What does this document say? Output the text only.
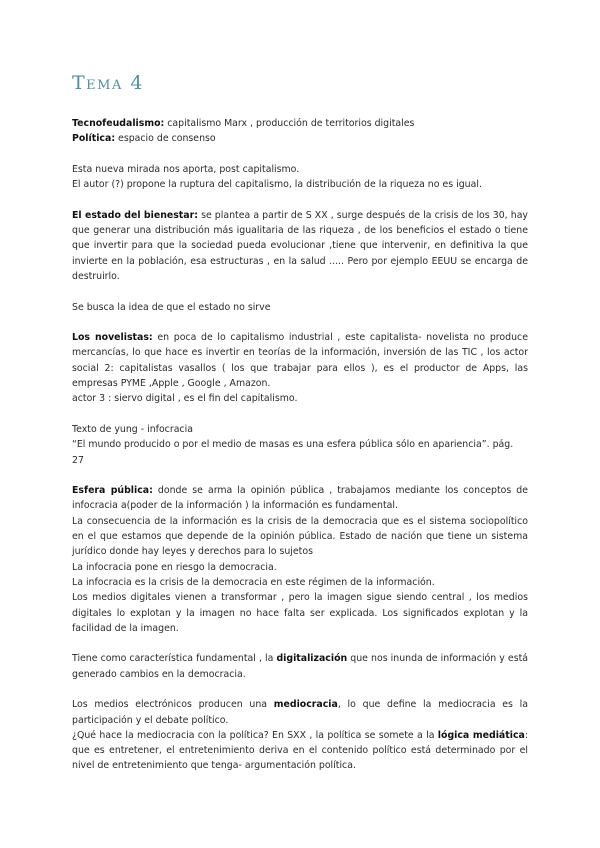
Tema 4

Tecnofeudalismo: capitalismo Marx , producción de territorios digitales

Política: espacio de consenso

Esta nueva mirada nos aporta, post capitalismo.

El autor (?) propone la ruptura del capitalismo, la distribución de la riqueza no es igual.

El estado del bienestar: se plantea a partir de S XX , surge después de la crisis de los 30, hay que generar una distribución más igualitaria de las riqueza , de los beneficios el estado o tiene que invertir para que la sociedad pueda evolucionar ,tiene que intervenir, en definitiva la que invierte en la población, esa estructuras , en la salud ..... Pero por ejemplo EEUU se encarga de destruirlo.

Se busca la idea de que el estado no sirve

Los novelistas: en poca de lo capitalismo industrial , este capitalista- novelista no produce mercancías, lo que hace es invertir en teorías de la información, inversión de las TIC , los actor social 2: capitalistas vasallos ( los que trabajar para ellos ), es el productor de Apps, las empresas PYME ,Apple , Google , Amazon.

actor 3 : siervo digital , es el fin del capitalismo.

Texto de yung - infocracia

“El mundo producido o por el medio de masas es una esfera pública sólo en apariencia”. pág. 27

Esfera pública: donde se arma la opinión pública , trabajamos mediante los conceptos de infocracia a(poder de la información ) la información es fundamental.

La consecuencia de la información es la crisis de la democracia que es el sistema sociopolítico en el que estamos que depende de la opinión pública. Estado de nación que tiene un sistema jurídico donde hay leyes y derechos para lo sujetos

La infocracia pone en riesgo la democracia.

La infocracia es la crisis de la democracia en este régimen de la información.

Los medios digitales vienen a transformar , pero la imagen sigue siendo central , los medios digitales lo explotan y la imagen no hace falta ser explicada. Los significados explotan y la facilidad de la imagen.

Tiene como característica fundamental , la digitalización que nos inunda de información y está generado cambios en la democracia.

Los medios electrónicos producen una mediocracia, lo que define la mediocracia es la participación y el debate político.

¿Qué hace la mediocracia con la política? En SXX , la política se somete a la lógica mediática: que es entretener, el entretenimiento deriva en el contenido político está determinado por el nivel de entretenimiento que tenga- argumentación política.
